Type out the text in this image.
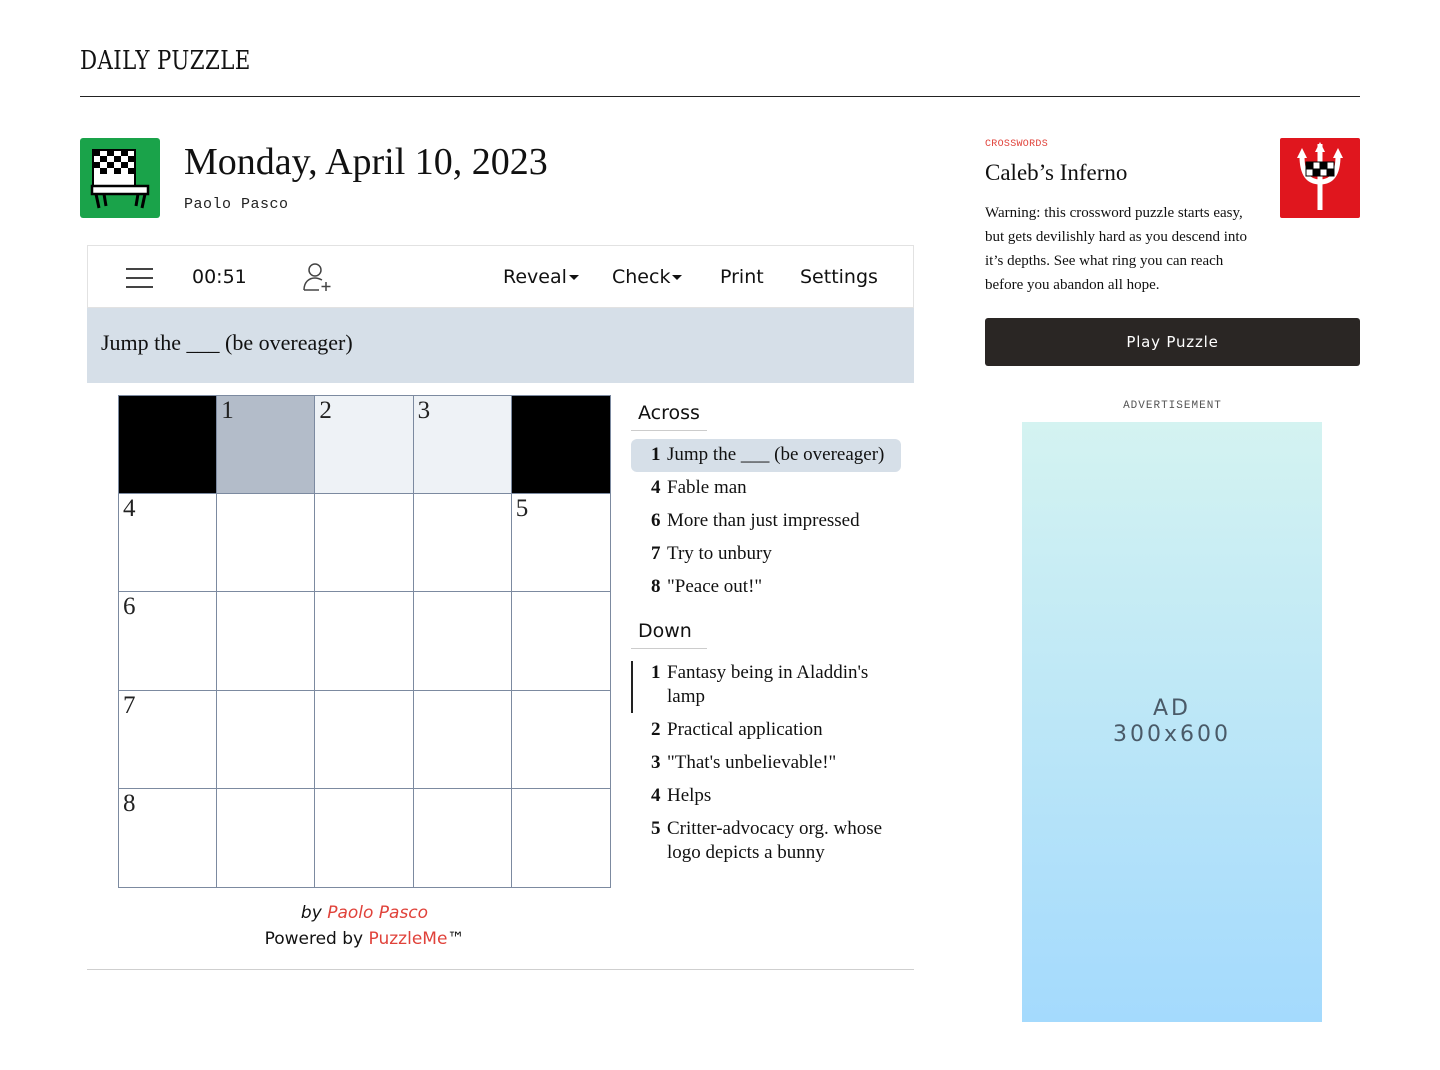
DAILY PUZZLE
Monday, April 10, 2023
Paolo Pasco
00:51	Reveal	Check	Print Settings
Jump the ___ (be overeager)
1	2	3
4	5
6
7
8
Across
1 Jump the ___ (be overeager)
4 Fable man
6 More than just impressed
7 Try to unbury
8 "Peace out!"
Down
1 Fantasy being in Aladdin's lamp
2 Practical application
3 "That's unbelievable!"
4 Helps
5 Critter-advocacy org. whose logo depicts a bunny
by Paolo Pasco
Powered by PuzzleMe™
CROSSWORDS
Caleb’s Inferno
Warning: this crossword puzzle starts easy, but gets devilishly hard as you descend into it’s depths. See what ring you can reach before you abandon all hope.
Play Puzzle
ADVERTISEMENT
AD
300x600
